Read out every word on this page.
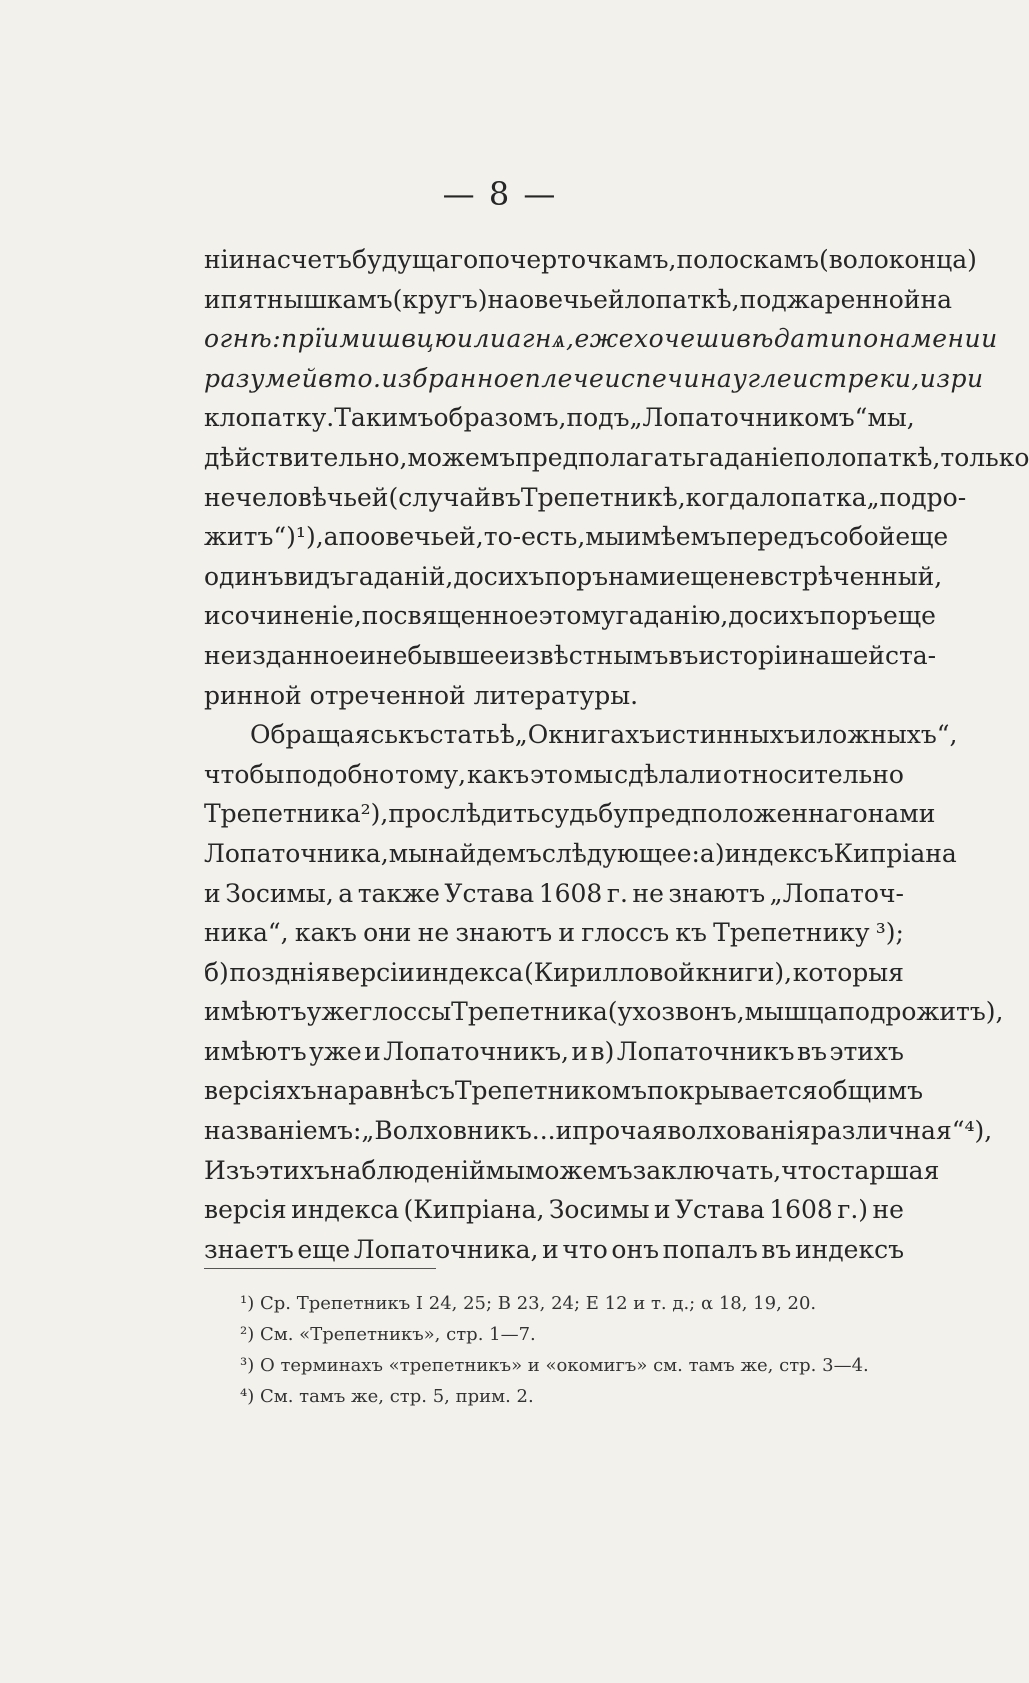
— 8 —
нiи на счетъ будущаго по черточкамъ, полоскамъ (волоконца)
и пятнышкамъ (кругъ) на овечьей лопаткѣ, поджаренной на
огнѣ: прїими швцю или агнѧ, еже хочеши вѣдати по намени и
разумей в то. избранное плече испечи на угле и стреки, и зри
к лопатку. Такимъ образомъ, подъ „Лопаточникомъ“ мы,
дѣйствительно, можемъ предполагать гаданiе по лопаткѣ, только
не человѣчьей (случай въ Трепетникѣ, когда лопатка „подро-
житъ“)¹), а по овечьей, то-есть, мы имѣемъ передъ собой еще
одинъ видъ гаданiй, до сихъ поръ нами еще не встрѣченный,
и сочиненiе, посвященное этому гаданiю, до сихъ поръ еще
не изданное и не бывшее извѣстнымъ въ исторiи нашей ста-
ринной отреченной литературы.
Обращаясь къ статьѣ „О книгахъ истинныхъ и ложныхъ“,
чтобы подобно тому, какъ это мы сдѣлали относительно
Трепетника ²), прослѣдить судьбу предположеннаго нами
Лопаточника, мы найдемъ слѣдующее: а) индексъ Кипрiана
и Зосимы, а также Устава 1608 г. не знаютъ „Лопаточ-
ника“, какъ они не знаютъ и глоссъ къ Трепетнику ³);
б) позднiя версiи индекса (Кирилловой книги), которыя
имѣютъ уже глоссы Трепетника (ухозвонъ, мышца подрожитъ),
имѣютъ уже и Лопаточникъ, и в) Лопаточникъ въ этихъ
версiяхъ наравнѣ съ Трепетникомъ покрывается общимъ
названiемъ: „Волховникъ... и прочая волхованiя различная“⁴),
Изъ этихъ наблюденiй мы можемъ заключать, что старшая
версiя индекса (Кипрiана, Зосимы и Устава 1608 г.) не
знаетъ еще Лопаточника, и что онъ попалъ въ индексъ
¹) Ср. Трепетникъ I 24, 25; В 23, 24; Е 12 и т. д.; α 18, 19, 20.
²) См. «Трепетникъ», стр. 1—7.
³) О терминахъ «трепетникъ» и «окомигъ» см. тамъ же, стр. 3—4.
⁴) См. тамъ же, стр. 5, прим. 2.
